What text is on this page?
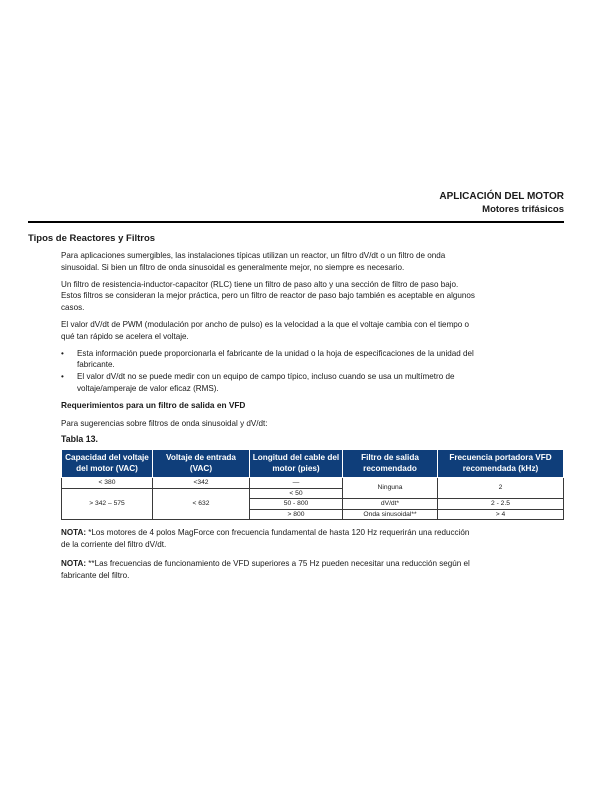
APLICACIÓN DEL MOTOR
Motores trifásicos
Tipos de Reactores y Filtros

Para aplicaciones sumergibles, las instalaciones típicas utilizan un reactor, un filtro dV/dt o un filtro de onda sinusoidal. Si bien un filtro de onda sinusoidal es generalmente mejor, no siempre es necesario.

Un filtro de resistencia-inductor-capacitor (RLC) tiene un filtro de paso alto y una sección de filtro de paso bajo. Estos filtros se consideran la mejor práctica, pero un filtro de reactor de paso bajo también es aceptable en algunos casos.

El valor dV/dt de PWM (modulación por ancho de pulso) es la velocidad a la que el voltaje cambia con el tiempo o qué tan rápido se acelera el voltaje.

• Esta información puede proporcionarla el fabricante de la unidad o la hoja de especificaciones de la unidad del fabricante.
• El valor dV/dt no se puede medir con un equipo de campo típico, incluso cuando se usa un multímetro de voltaje/amperaje de valor eficaz (RMS).
Requerimientos para un filtro de salida en VFD

Para sugerencias sobre filtros de onda sinusoidal y dV/dt:

Tabla 13.
Capacidad del voltaje del motor (VAC)	Voltaje de entrada (VAC)	Longitud del cable del motor (pies)	Filtro de salida recomendado	Frecuencia portadora VFD recomendada (kHz)
< 380	<342	—	Ninguna	2
> 342 – 575	< 632	< 50		
		50 - 800	dV/dt*	2 - 2.5
		> 800	Onda sinusoidal**	> 4

NOTA: *Los motores de 4 polos MagForce con frecuencia fundamental de hasta 120 Hz requerirán una reducción de la corriente del filtro dV/dt.

NOTA: **Las frecuencias de funcionamiento de VFD superiores a 75 Hz pueden necesitar una reducción según el fabricante del filtro.
